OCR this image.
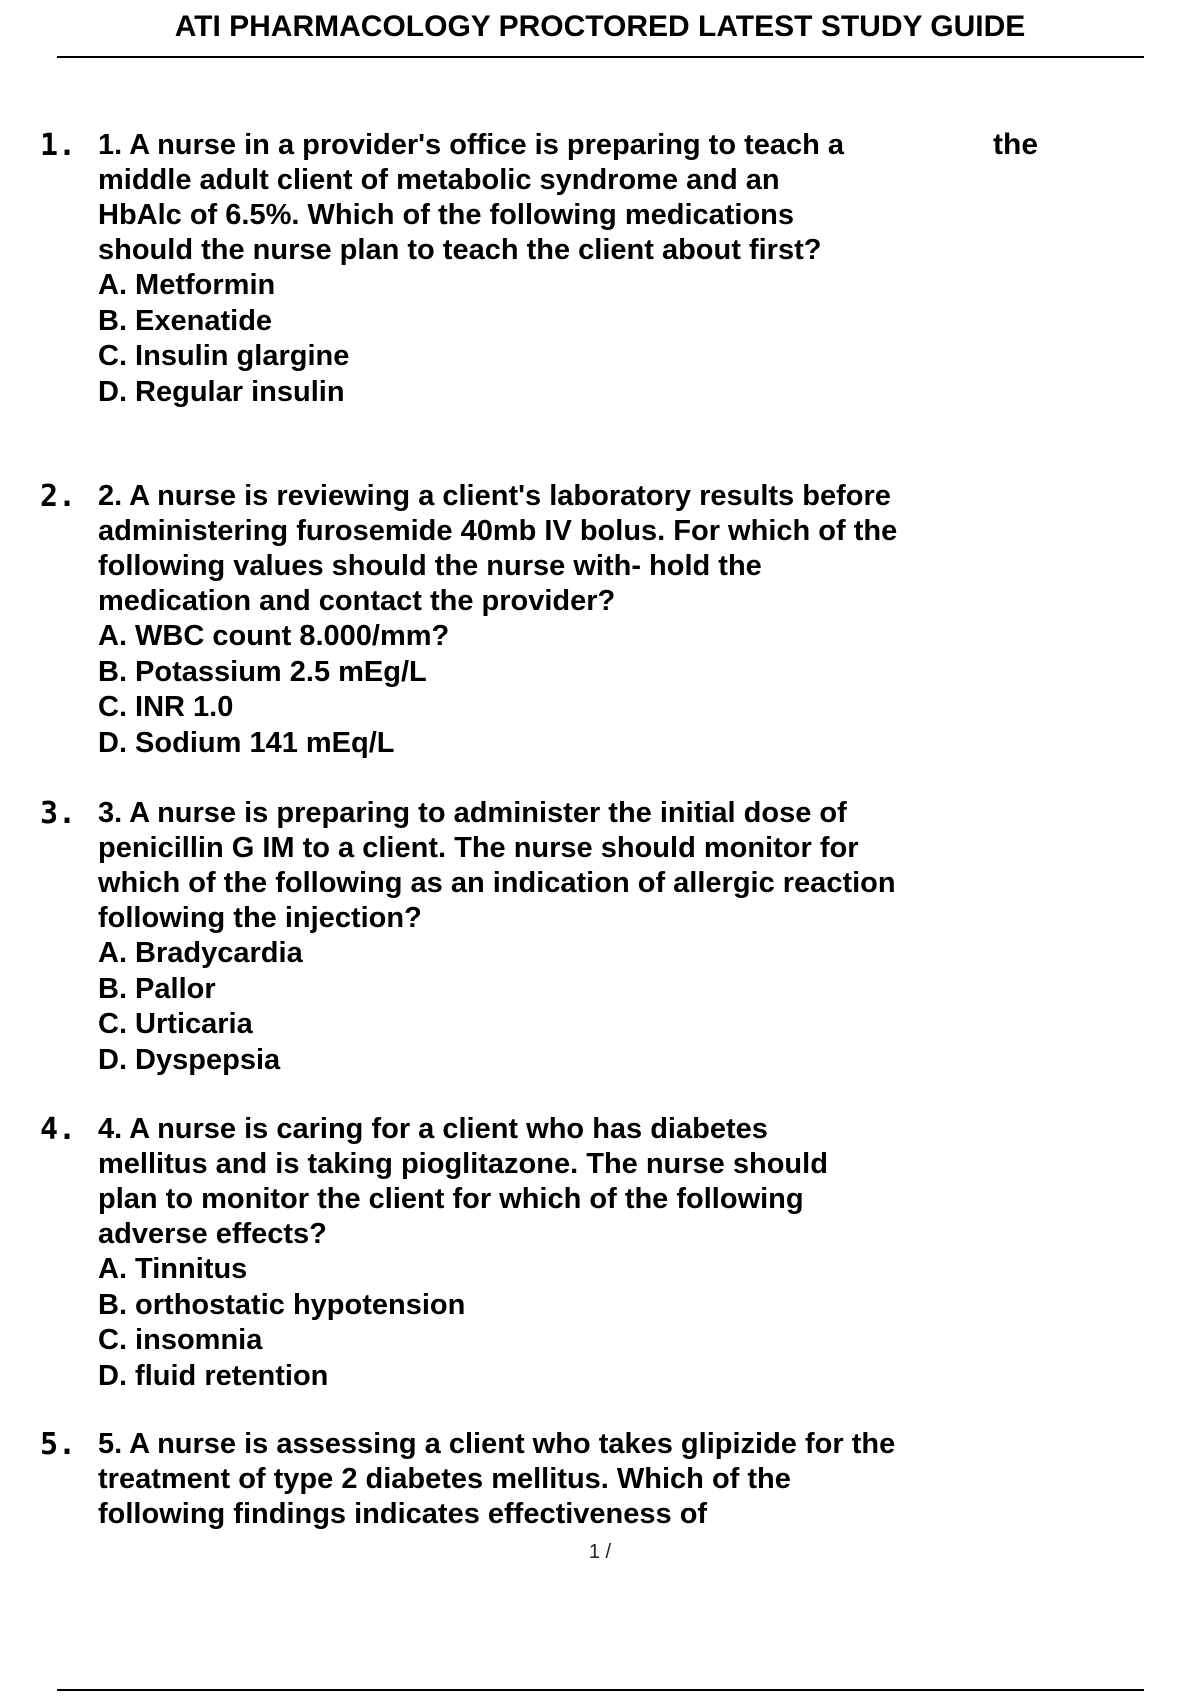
ATI PHARMACOLOGY PROCTORED LATEST STUDY GUIDE
the
1. 1. A nurse in a provider's office is preparing to teach a middle adult client of metabolic syndrome and an HbAlc of 6.5%. Which of the following medications should the nurse plan to teach the client about first?
A. Metformin
B. Exenatide
C. Insulin glargine
D. Regular insulin
2. 2. A nurse is reviewing a client's laboratory results before administering furosemide 40mb IV bolus. For which of the following values should the nurse with- hold the medication and contact the provider?
A. WBC count 8.000/mm?
B. Potassium 2.5 mEg/L
C. INR 1.0
D. Sodium 141 mEq/L
3. 3. A nurse is preparing to administer the initial dose of penicillin G IM to a client. The nurse should monitor for which of the following as an indication of allergic reaction following the injection?
A. Bradycardia
B. Pallor
C. Urticaria
D. Dyspepsia
4. 4. A nurse is caring for a client who has diabetes mellitus and is taking pioglitazone. The nurse should plan to monitor the client for which of the following adverse effects?
A. Tinnitus
B. orthostatic hypotension
C. insomnia
D. fluid retention
5. 5. A nurse is assessing a client who takes glipizide for the treatment of type 2 diabetes mellitus. Which of the following findings indicates effectiveness of
1 /
